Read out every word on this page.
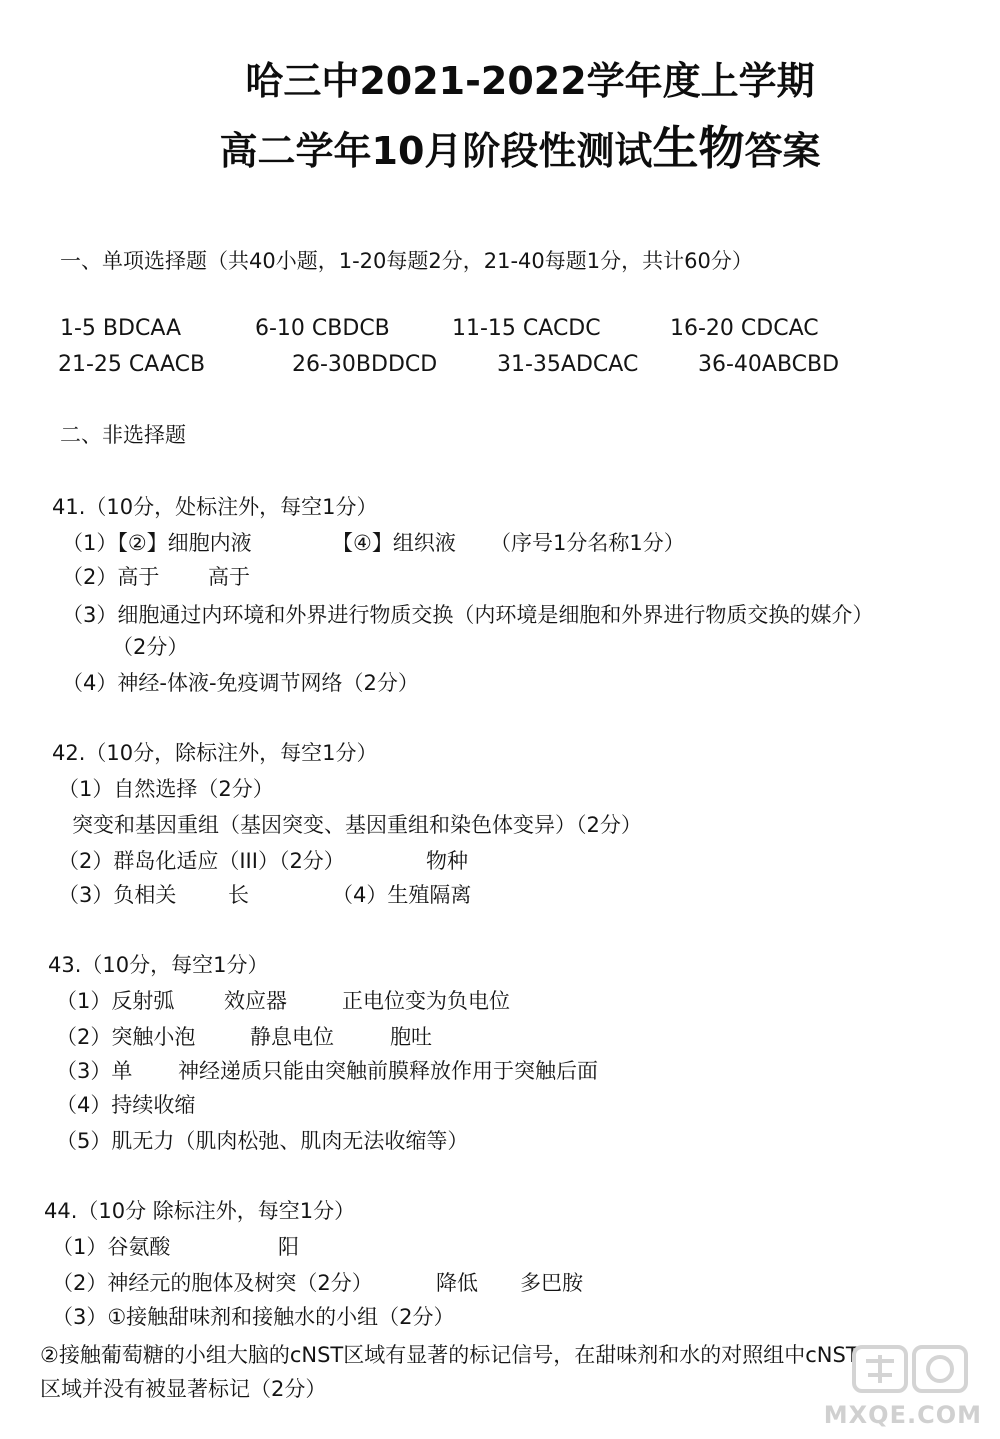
哈三中2021-2022学年度上学期
高二学年10月阶段性测试生物答案
一、单项选择题（共40小题，1-20每题2分，21-40每题1分，共计60分）
1-5 BDCAA	6-10 CBDCB	11-15 CACDC	16-20 CDCAC
21-25 CAACB	26-30BDDCD	31-35ADCAC	36-40ABCBD
二、非选择题
41.（10分，处标注外，每空1分）
（1）【②】细胞内液	【④】组织液 （序号1分名称1分）
（2）高于 高于
（3）细胞通过内环境和外界进行物质交换（内环境是细胞和外界进行物质交换的媒介）
（2分）
（4）神经-体液-免疫调节网络（2分）
42.（10分，除标注外，每空1分）
（1）自然选择（2分）
突变和基因重组（基因突变、基因重组和染色体变异）（2分）
（2）群岛化适应（III）（2分）	物种
（3）负相关 长	（4）生殖隔离
43.（10分，每空1分）
（1）反射弧 效应器	正电位变为负电位
（2）突触小泡	静息电位	胞吐
（3）单 神经递质只能由突触前膜释放作用于突触后面
（4）持续收缩
（5）肌无力（肌肉松弛、肌肉无法收缩等）
44.（10分 除标注外，每空1分）
（1）谷氨酸	阳
（2）神经元的胞体及树突（2分）	降低 多巴胺
（3）①接触甜味剂和接触水的小组（2分）
②接触葡萄糖的小组大脑的cNST区域有显著的标记信号，在甜味剂和水的对照组中cNST
区域并没有被显著标记（2分）
MXQE.COM
